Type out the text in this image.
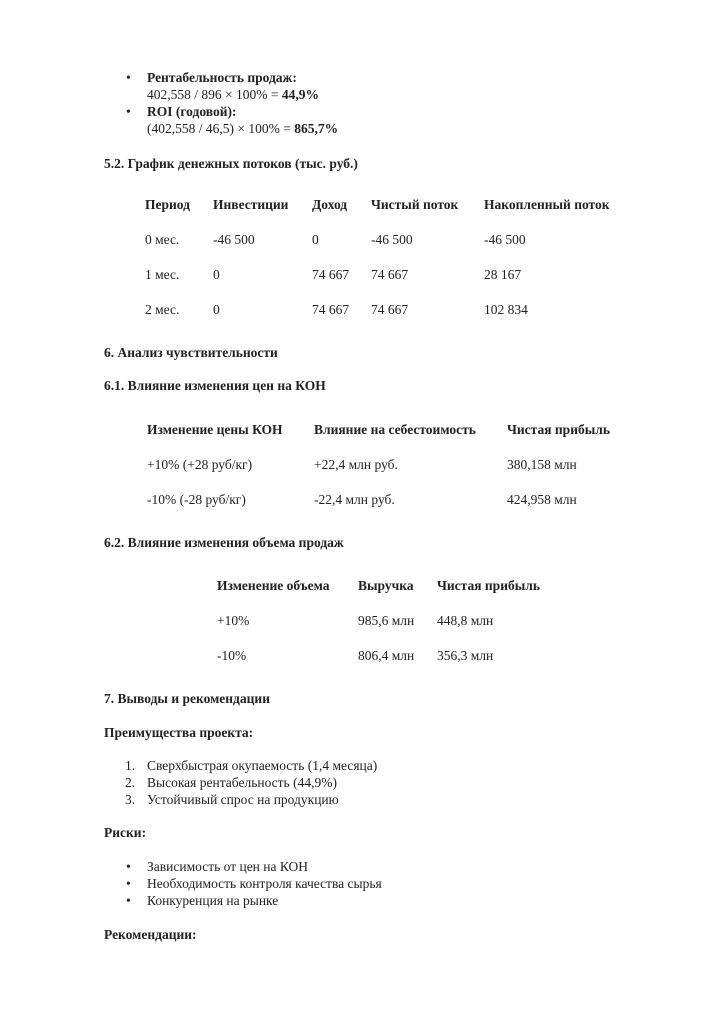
• Рентабельность продаж:
402,558 / 896 × 100% = 44,9%
• ROI (годовой):
(402,558 / 46,5) × 100% = 865,7%
5.2. График денежных потоков (тыс. руб.)
Период	Инвестиции	Доход	Чистый поток	Накопленный поток

0 мес.	-46 500	0	-46 500	-46 500

1 мес.	0	74 667	74 667	28 167

2 мес.	0	74 667	74 667	102 834
6. Анализ чувствительности
6.1. Влияние изменения цен на КОН
Изменение цены КОН	Влияние на себестоимость	Чистая прибыль

+10% (+28 руб/кг)	+22,4 млн руб.	380,158 млн

-10% (-28 руб/кг)	-22,4 млн руб.	424,958 млн
6.2. Влияние изменения объема продаж
Изменение объема	Выручка	Чистая прибыль

+10%	985,6 млн	448,8 млн

-10%	806,4 млн	356,3 млн
7. Выводы и рекомендации
Преимущества проекта:
1. Сверхбыстрая окупаемость (1,4 месяца)
2. Высокая рентабельность (44,9%)
3. Устойчивый спрос на продукцию
Риски:
• Зависимость от цен на КОН
• Необходимость контроля качества сырья
• Конкуренция на рынке
Рекомендации:
